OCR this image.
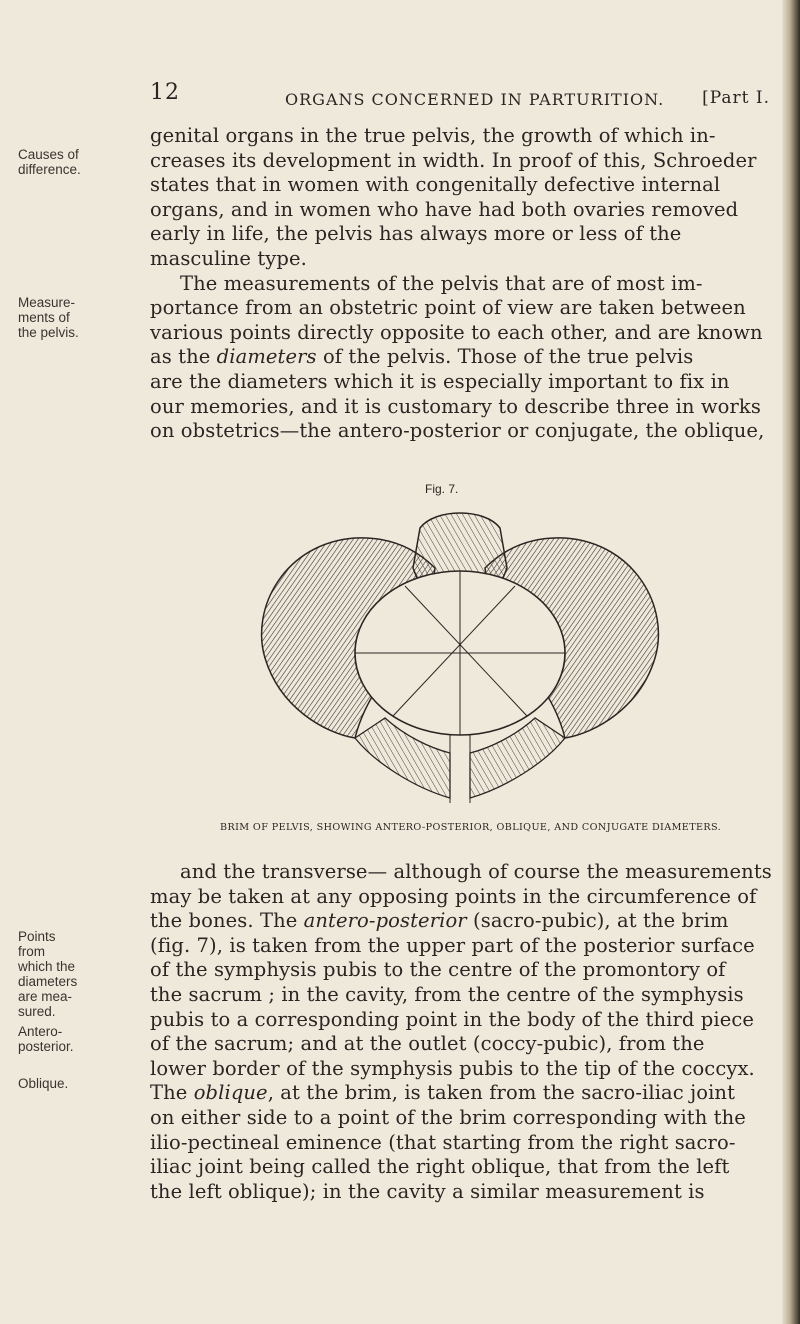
12	ORGANS CONCERNED IN PARTURITION. [Part I.
Causes of
difference.
Measure-
ments of
the pelvis.
Points
from
which the
diameters
are mea-
sured.
Antero-
posterior.
Oblique.
genital organs in the true pelvis, the growth of which in-
creases its development in width. In proof of this, Schroeder
states that in women with congenitally defective internal
organs, and in women who have had both ovaries removed
early in life, the pelvis has always more or less of the
masculine type.
The measurements of the pelvis that are of most im-
portance from an obstetric point of view are taken between
various points directly opposite to each other, and are known
as the diameters of the pelvis. Those of the true pelvis
are the diameters which it is especially important to fix in
our memories, and it is customary to describe three in works
on obstetrics—the antero-posterior or conjugate, the oblique,
Fig. 7.
BRIM OF PELVIS, SHOWING ANTERO-POSTERIOR, OBLIQUE, AND CONJUGATE DIAMETERS.
and the transverse— although of course the measurements
may be taken at any opposing points in the circumference of
the bones. The antero-posterior (sacro-pubic), at the brim
(fig. 7), is taken from the upper part of the posterior surface
of the symphysis pubis to the centre of the promontory of
the sacrum ; in the cavity, from the centre of the symphysis
pubis to a corresponding point in the body of the third piece
of the sacrum; and at the outlet (coccy-pubic), from the
lower border of the symphysis pubis to the tip of the coccyx.
The oblique, at the brim, is taken from the sacro-iliac joint
on either side to a point of the brim corresponding with the
ilio-pectineal eminence (that starting from the right sacro-
iliac joint being called the right oblique, that from the left
the left oblique); in the cavity a similar measurement is
